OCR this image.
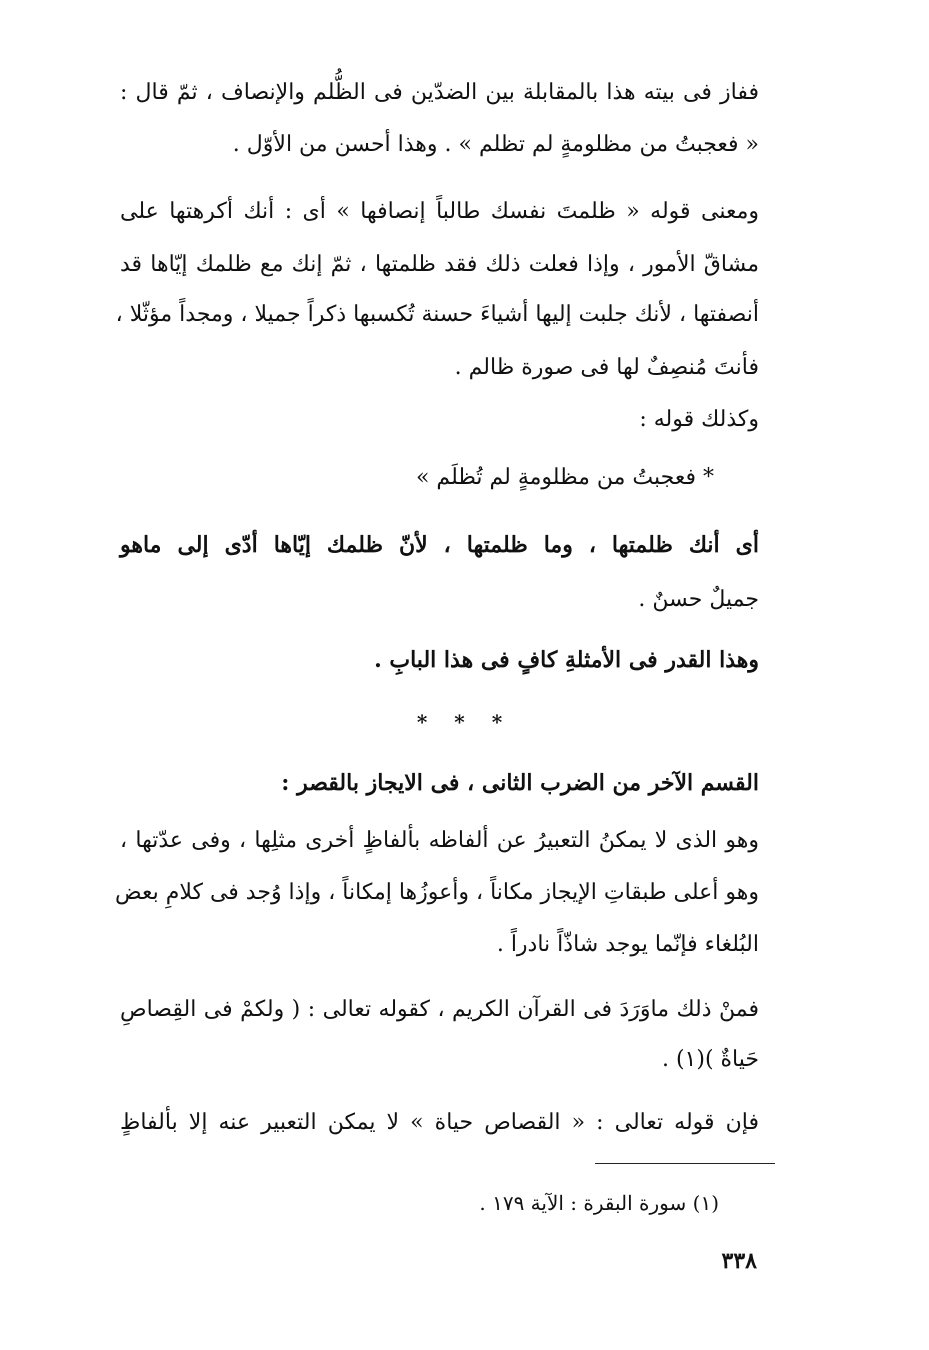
ففاز فى بيته هذا بالمقابلة بين الضدّين فى الظُّلم والإنصاف ، ثمّ قال :
« فعجبتُ من مظلومةٍ لم تظلم » . وهذا أحسن من الأوّل .
ومعنى قوله « ظلمتَ نفسك طالباً إنصافها » أى : أنك أكرهتها على
مشاقّ الأمور ، وإذا فعلت ذلك فقد ظلمتها ، ثمّ إنك مع ظلمك إيّاها قد
أنصفتها ، لأنك جلبت إليها أشياءَ حسنة تُكسبها ذكراً جميلا ، ومجداً مؤثّلا ،
فأنتَ مُنصِفٌ لها فى صورة ظالم .
وكذلك قوله :
* فعجبتُ من مظلومةٍ لم تُظلَم »
أى أنك ظلمتها ، وما ظلمتها ، لأنّ ظلمك إيّاها أدّى إلى ماهو
جميلٌ حسنٌ .
وهذا القدر فى الأمثلةِ كافٍ فى هذا البابِ .
* * *
القسم الآخر من الضرب الثانى ، فى الايجاز بالقصر :
وهو الذى لا يمكنُ التعبيرُ عن ألفاظه بألفاظٍ أخرى مثلِها ، وفى عدّتها ،
وهو أعلى طبقاتِ الإيجاز مكاناً ، وأعوزُها إمكاناً ، وإذا وُجد فى كلامِ بعض
البُلغاء فإنّما يوجد شاذّاً نادراً .
فمنْ ذلك ماوَرَدَ فى القرآن الكريم ، كقوله تعالى : ( ولكمْ فى القِصاصِ
حَياةٌ )(١) .
فإن قوله تعالى : « القصاص حياة » لا يمكن التعبير عنه إلا بألفاظٍ
(١) سورة البقرة : الآية ١٧٩ .
٣٣٨
